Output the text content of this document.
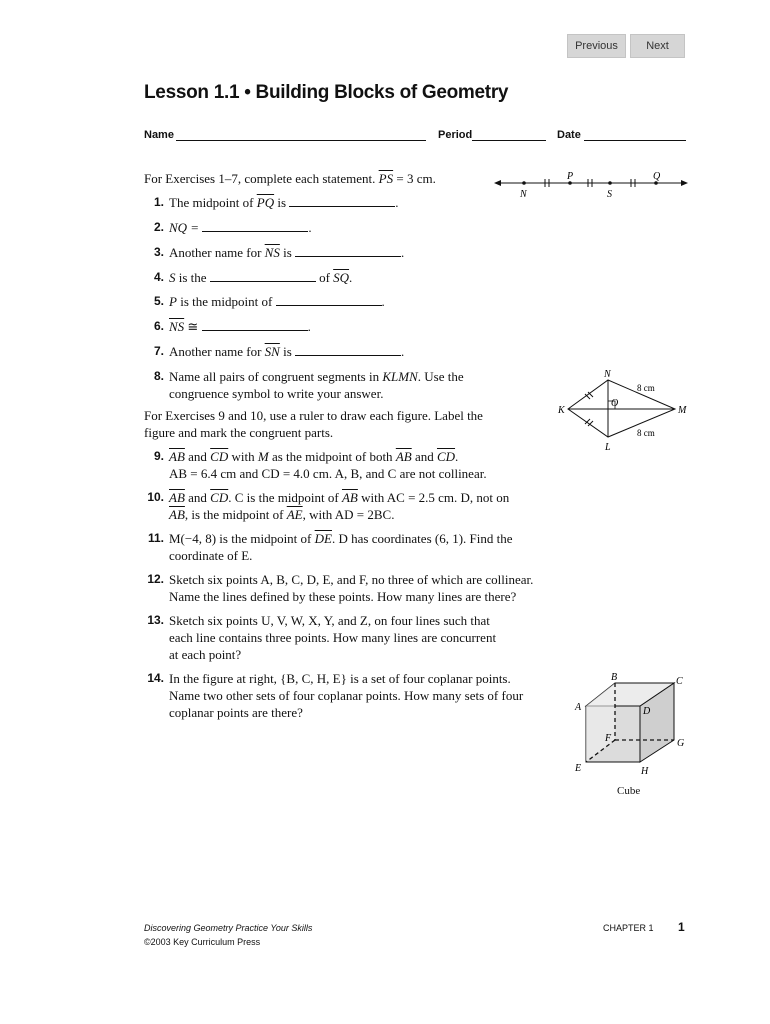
Previous	Next
Lesson 1.1 • Building Blocks of Geometry
Name	Period	Date
For Exercises 1–7, complete each statement. $\overline{PS} = 3$ cm.	P	Q
N	S
1. The midpoint of $\overline{PQ}$ is	.
2. NQ =	.
3. Another name for $\overline{NS}$ is	.
4. S is the	of $\overline{SQ}$.
5. P is the midpoint of	.
6. $\overline{NS}$ ≅	.
7. Another name for $\overline{SN}$ is	.
8. Name all pairs of congruent segments in KLMN. Use the
congruence symbol to write your answer.
N
K	M
L
O
8 cm
8 cm
For Exercises 9 and 10, use a ruler to draw each figure. Label the
figure and mark the congruent parts.
9. $\overline{AB}$ and $\overline{CD}$ with M as the midpoint of both $\overline{AB}$ and $\overline{CD}$.
AB = 6.4 cm and CD = 4.0 cm. A, B, and C are not collinear.
10. $\overline{AB}$ and $\overline{CD}$. C is the midpoint of $\overline{AB}$ with AC = 2.5 cm. D, not on
$\overline{AB}$, is the midpoint of $\overline{AE}$, with AD = 2BC.
11. M(−4, 8) is the midpoint of $\overline{DE}$. D has coordinates (6, 1). Find the
coordinate of E.
12. Sketch six points A, B, C, D, E, and F, no three of which are collinear.
Name the lines defined by these points. How many lines are there?
13. Sketch six points U, V, W, X, Y, and Z, on four lines such that
each line contains three points. How many lines are concurrent
at each point?
14. In the figure at right, {B, C, H, E} is a set of four coplanar points.
Name two other sets of four coplanar points. How many sets of four
coplanar points are there?
B	C
A	D
F	G
E	H
Cube
Discovering Geometry Practice Your Skills
©2003 Key Curriculum Press
CHAPTER 1 1
